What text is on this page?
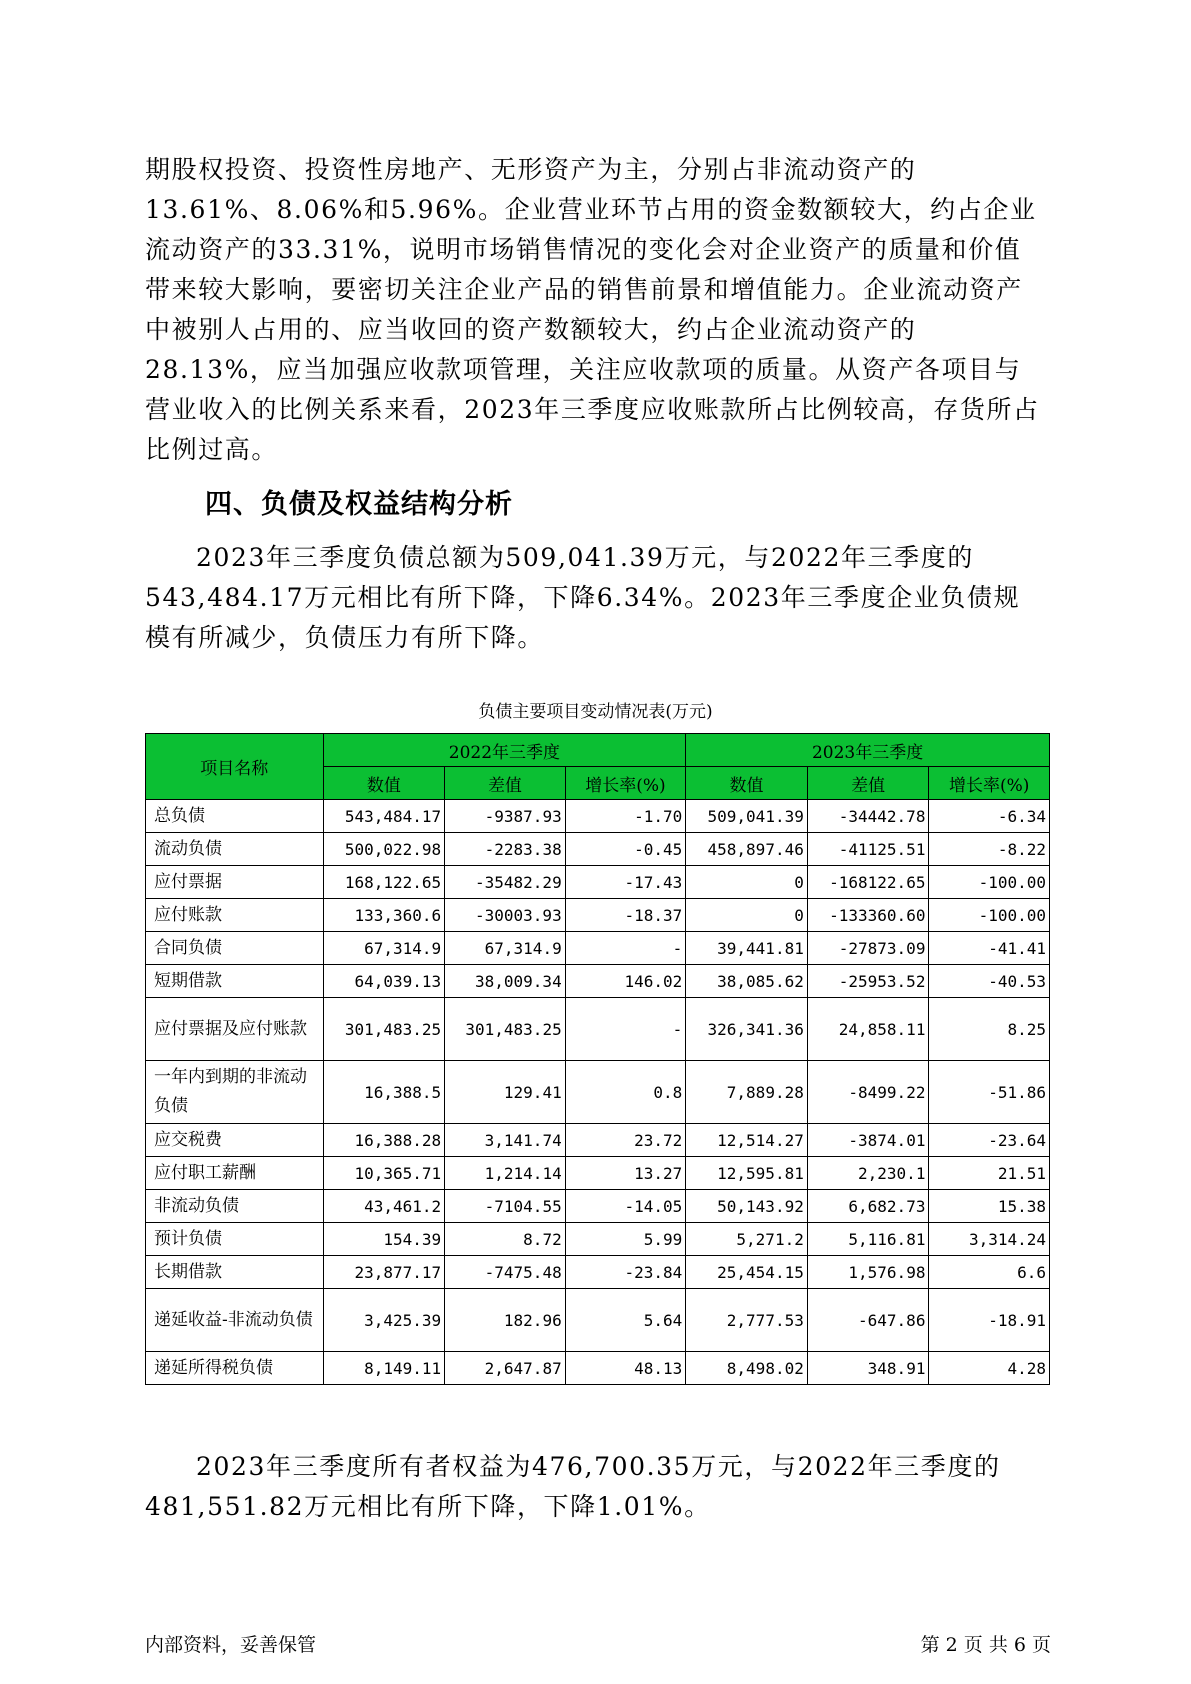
期股权投资、投资性房地产、无形资产为主，分别占非流动资产的13.61%、8.06%和5.96%。企业营业环节占用的资金数额较大，约占企业流动资产的33.31%，说明市场销售情况的变化会对企业资产的质量和价值带来较大影响，要密切关注企业产品的销售前景和增值能力。企业流动资产中被别人占用的、应当收回的资产数额较大，约占企业流动资产的28.13%，应当加强应收款项管理，关注应收款项的质量。从资产各项目与营业收入的比例关系来看，2023年三季度应收账款所占比例较高，存货所占比例过高。

四、负债及权益结构分析

2023年三季度负债总额为509,041.39万元，与2022年三季度的543,484.17万元相比有所下降，下降6.34%。2023年三季度企业负债规模有所减少，负债压力有所下降。

负债主要项目变动情况表(万元)

项目名称	2022年三季度			2023年三季度		
	数值	差值	增长率(%)	数值	差值	增长率(%)
总负债	543,484.17	-9387.93	-1.70	509,041.39	-34442.78	-6.34
流动负债	500,022.98	-2283.38	-0.45	458,897.46	-41125.51	-8.22
应付票据	168,122.65	-35482.29	-17.43	0	-168122.65	-100.00
应付账款	133,360.6	-30003.93	-18.37	0	-133360.60	-100.00
合同负债	67,314.9	67,314.9	-	39,441.81	-27873.09	-41.41
短期借款	64,039.13	38,009.34	146.02	38,085.62	-25953.52	-40.53
应付票据及应付账款	301,483.25	301,483.25	-	326,341.36	24,858.11	8.25
一年内到期的非流动负债	16,388.5	129.41	0.8	7,889.28	-8499.22	-51.86
应交税费	16,388.28	3,141.74	23.72	12,514.27	-3874.01	-23.64
应付职工薪酬	10,365.71	1,214.14	13.27	12,595.81	2,230.1	21.51
非流动负债	43,461.2	-7104.55	-14.05	50,143.92	6,682.73	15.38
预计负债	154.39	8.72	5.99	5,271.2	5,116.81	3,314.24
长期借款	23,877.17	-7475.48	-23.84	25,454.15	1,576.98	6.6
递延收益-非流动负债	3,425.39	182.96	5.64	2,777.53	-647.86	-18.91
递延所得税负债	8,149.11	2,647.87	48.13	8,498.02	348.91	4.28

2023年三季度所有者权益为476,700.35万元，与2022年三季度的481,551.82万元相比有所下降，下降1.01%。

内部资料，妥善保管	第 2 页 共 6 页
